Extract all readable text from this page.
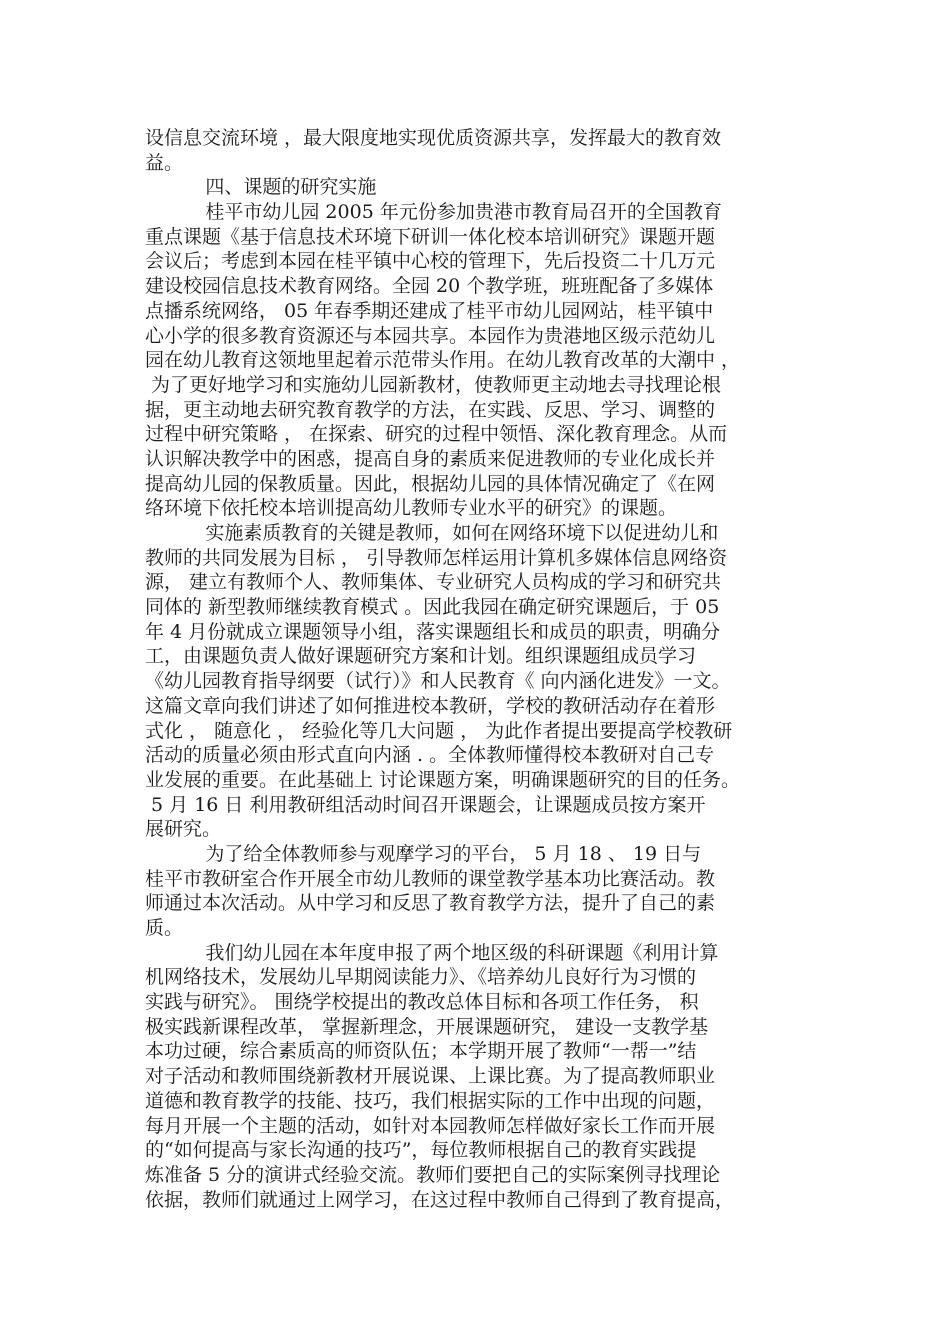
设信息交流环境 ，最大限度地实现优质资源共享，发挥最大的教育效
益。
四、课题的研究实施
桂平市幼儿园 2005 年元份参加贵港市教育局召开的全国教育
重点课题《基于信息技术环境下研训一体化校本培训研究》课题开题
会议后；考虑到本园在桂平镇中心校的管理下，先后投资二十几万元
建设校园信息技术教育网络。全园 20 个教学班，班班配备了多媒体
点播系统网络， 05 年春季期还建成了桂平市幼儿园网站，桂平镇中
心小学的很多教育资源还与本园共享。本园作为贵港地区级示范幼儿
园在幼儿教育这领地里起着示范带头作用。在幼儿教育改革的大潮中 ，
为了更好地学习和实施幼儿园新教材，使教师更主动地去寻找理论根
据，更主动地去研究教育教学的方法，在实践、反思、学习、调整的
过程中研究策略 ， 在探索、研究的过程中领悟、深化教育理念。从而
认识解决教学中的困惑，提高自身的素质来促进教师的专业化成长并
提高幼儿园的保教质量。因此，根据幼儿园的具体情况确定了《在网
络环境下依托校本培训提高幼儿教师专业水平的研究》的课题。
实施素质教育的关键是教师，如何在网络环境下以促进幼儿和
教师的共同发展为目标 ， 引导教师怎样运用计算机多媒体信息网络资
源， 建立有教师个人、教师集体、专业研究人员构成的学习和研究共
同体的 新型教师继续教育模式 。因此我园在确定研究课题后，于 05
年 4 月份就成立课题领导小组，落实课题组长和成员的职责，明确分
工，由课题负责人做好课题研究方案和计划。组织课题组成员学习
《幼儿园教育指导纲要（试行）》和人民教育《 向内涵化进发》一文。
这篇文章向我们讲述了如何推进校本教研，学校的教研活动存在着形
式化 ， 随意化 ， 经验化等几大问题 ， 为此作者提出要提高学校教研
活动的质量必须由形式直向内涵 . 。全体教师懂得校本教研对自己专
业发展的重要。在此基础上 讨论课题方案，明确课题研究的目的任务。
5 月 16 日 利用教研组活动时间召开课题会，让课题成员按方案开
展研究。
为了给全体教师参与观摩学习的平台， 5 月 18 、 19 日与
桂平市教研室合作开展全市幼儿教师的课堂教学基本功比赛活动。教
师通过本次活动。从中学习和反思了教育教学方法，提升了自己的素
质。
我们幼儿园在本年度申报了两个地区级的科研课题《利用计算
机网络技术，发展幼儿早期阅读能力》、《培养幼儿良好行为习惯的
实践与研究》。 围绕学校提出的教改总体目标和各项工作任务， 积
极实践新课程改革， 掌握新理念，开展课题研究， 建设一支教学基
本功过硬，综合素质高的师资队伍；本学期开展了教师“一帮一”结
对子活动和教师围绕新教材开展说课、上课比赛。为了提高教师职业
道德和教育教学的技能、技巧，我们根据实际的工作中出现的问题，
每月开展一个主题的活动，如针对本园教师怎样做好家长工作而开展
的“如何提高与家长沟通的技巧”，每位教师根据自己的教育实践提
炼准备 5 分的演讲式经验交流。教师们要把自己的实际案例寻找理论
依据，教师们就通过上网学习，在这过程中教师自己得到了教育提高，
